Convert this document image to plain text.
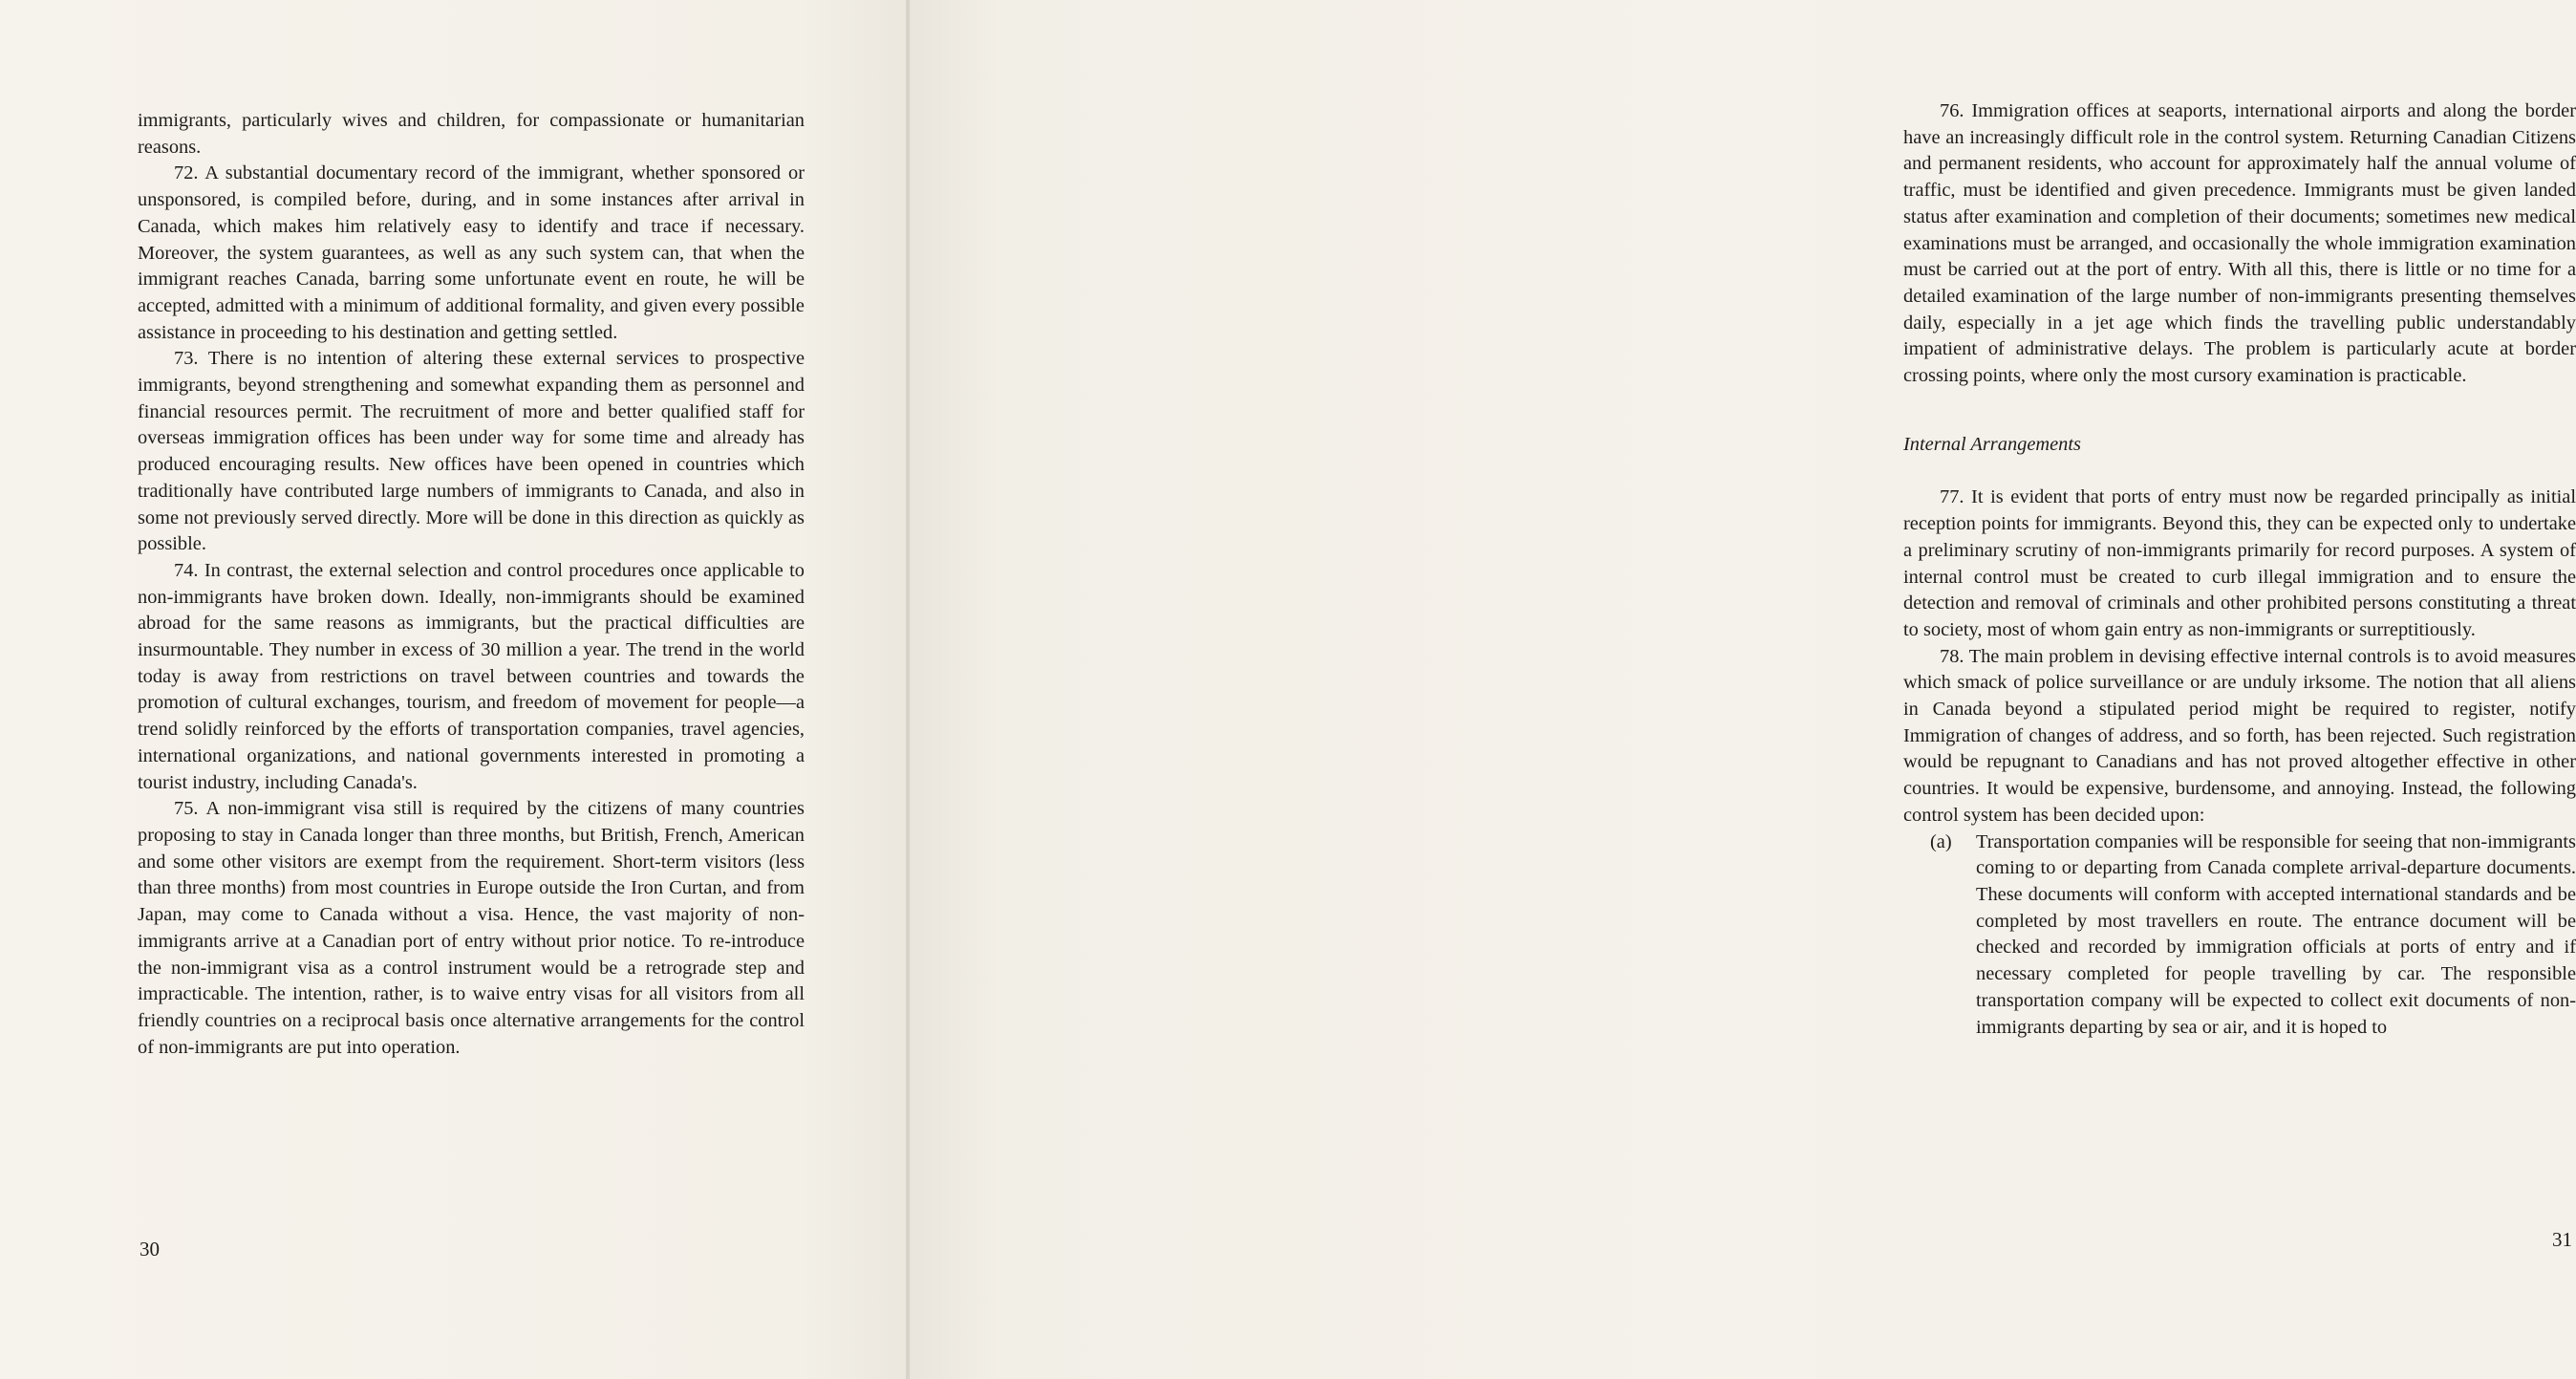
immigrants, particularly wives and children, for compassionate or humanitarian reasons.

72. A substantial documentary record of the immigrant, whether sponsored or unsponsored, is compiled before, during, and in some instances after arrival in Canada, which makes him relatively easy to identify and trace if necessary. Moreover, the system guarantees, as well as any such system can, that when the immigrant reaches Canada, barring some unfortunate event en route, he will be accepted, admitted with a minimum of additional formality, and given every possible assistance in proceeding to his destination and getting settled.

73. There is no intention of altering these external services to prospective immigrants, beyond strengthening and somewhat expanding them as personnel and financial resources permit. The recruitment of more and better qualified staff for overseas immigration offices has been under way for some time and already has produced encouraging results. New offices have been opened in countries which traditionally have contributed large numbers of immigrants to Canada, and also in some not previously served directly. More will be done in this direction as quickly as possible.

74. In contrast, the external selection and control procedures once applicable to non-immigrants have broken down. Ideally, non-immigrants should be examined abroad for the same reasons as immigrants, but the practical difficulties are insurmountable. They number in excess of 30 million a year. The trend in the world today is away from restrictions on travel between countries and towards the promotion of cultural exchanges, tourism, and freedom of movement for people—a trend solidly reinforced by the efforts of transportation companies, travel agencies, international organizations, and national governments interested in promoting a tourist industry, including Canada's.

75. A non-immigrant visa still is required by the citizens of many countries proposing to stay in Canada longer than three months, but British, French, American and some other visitors are exempt from the requirement. Short-term visitors (less than three months) from most countries in Europe outside the Iron Curtan, and from Japan, may come to Canada without a visa. Hence, the vast majority of non-immigrants arrive at a Canadian port of entry without prior notice. To re-introduce the non-immigrant visa as a control instrument would be a retrograde step and impracticable. The intention, rather, is to waive entry visas for all visitors from all friendly countries on a reciprocal basis once alternative arrangements for the control of non-immigrants are put into operation.

30

76. Immigration offices at seaports, international airports and along the border have an increasingly difficult role in the control system. Returning Canadian Citizens and permanent residents, who account for approximately half the annual volume of traffic, must be identified and given precedence. Immigrants must be given landed status after examination and completion of their documents; sometimes new medical examinations must be arranged, and occasionally the whole immigration examination must be carried out at the port of entry. With all this, there is little or no time for a detailed examination of the large number of non-immigrants presenting themselves daily, especially in a jet age which finds the travelling public understandably impatient of administrative delays. The problem is particularly acute at border crossing points, where only the most cursory examination is practicable.

Internal Arrangements

77. It is evident that ports of entry must now be regarded principally as initial reception points for immigrants. Beyond this, they can be expected only to undertake a preliminary scrutiny of non-immigrants primarily for record purposes. A system of internal control must be created to curb illegal immigration and to ensure the detection and removal of criminals and other prohibited persons constituting a threat to society, most of whom gain entry as non-immigrants or surreptitiously.

78. The main problem in devising effective internal controls is to avoid measures which smack of police surveillance or are unduly irksome. The notion that all aliens in Canada beyond a stipulated period might be required to register, notify Immigration of changes of address, and so forth, has been rejected. Such registration would be repugnant to Canadians and has not proved altogether effective in other countries. It would be expensive, burdensome, and annoying. Instead, the following control system has been decided upon:

(a)	Transportation companies will be responsible for seeing that non-immigrants coming to or departing from Canada complete arrival-departure documents. These documents will conform with accepted international standards and be completed by most travellers en route. The entrance document will be checked and recorded by immigration officials at ports of entry and if necessary completed for people travelling by car. The responsible transportation company will be expected to collect exit documents of non-immigrants departing by sea or air, and it is hoped to
31
